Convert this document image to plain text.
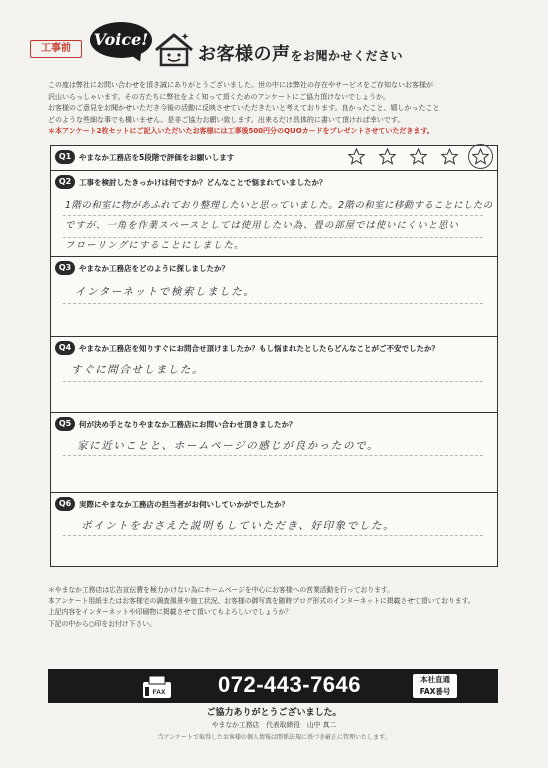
工事前	Voice!
お客様の声をお聞かせください

この度は弊社にお問い合わせを頂き誠にありがとうございました。世の中には弊社の存在やサービスをご存知ないお客様が

沢山いらっしゃいます。その方たちに弊社をよく知って頂くためのアンケートにご協力頂けないでしょうか。

お客様のご意見をお聞かせいただき今後の活動に反映させていただきたいと考えております。良かったこと、嬉しかったこと

どのような些細な事でも構いません。是非ご協力お願い致します。出来るだけ具体的に書いて頂ければ幸いです。

＊本アンケート2枚セットにご記入いただいたお客様には工事後500円分のQUOカードをプレゼントさせていただきます。

Q1	やまなか工務店を5段階で評価をお願いします
Q2	工事を検討したきっかけは何ですか？どんなことで悩まれていましたか？
1階の和室に物があふれており整理したいと思っていました。2階の和室に移動することにしたの
ですが、一角を作業スペースとしては使用したい為、畳の部屋では使いにくいと思い
フローリングにすることにしました。
Q3	やまなか工務店をどのように探しましたか？
インターネットで検索しました。
Q4	やまなか工務店を知りすぐにお問合せ頂けましたか？もし悩まれたとしたらどんなことがご不安でしたか？
すぐに問合せしました。
Q5	何が決め手となりやまなか工務店にお問い合わせ頂きましたか？
家に近いことと、ホームページの感じが良かったので。
Q6	実際にやまなか工務店の担当者がお伺いしていかがでしたか？
ポイントをおさえた説明もしていただき、好印象でした。

＊やまなか工務店は広告宣伝費を極力かけない為にホームページを中心にお客様への営業活動を行っております。

本アンケート用紙またはお客様宅の調査風景や施工状況、お客様の御写真を随時ブログ形式のインターネットに掲載させて頂いております。

上記内容をインターネットや印刷物に掲載させて頂いてもよろしいでしょうか？

下記の中から○印をお付け下さい。

FAX 072-443-7646	本社直通
FAX番号
ご協力ありがとうございました。
やまなか工務店　代表取締役　山中 真二
当アンケートで取得したお客様の個人情報は関係法規に基づき厳正に管理いたします。
